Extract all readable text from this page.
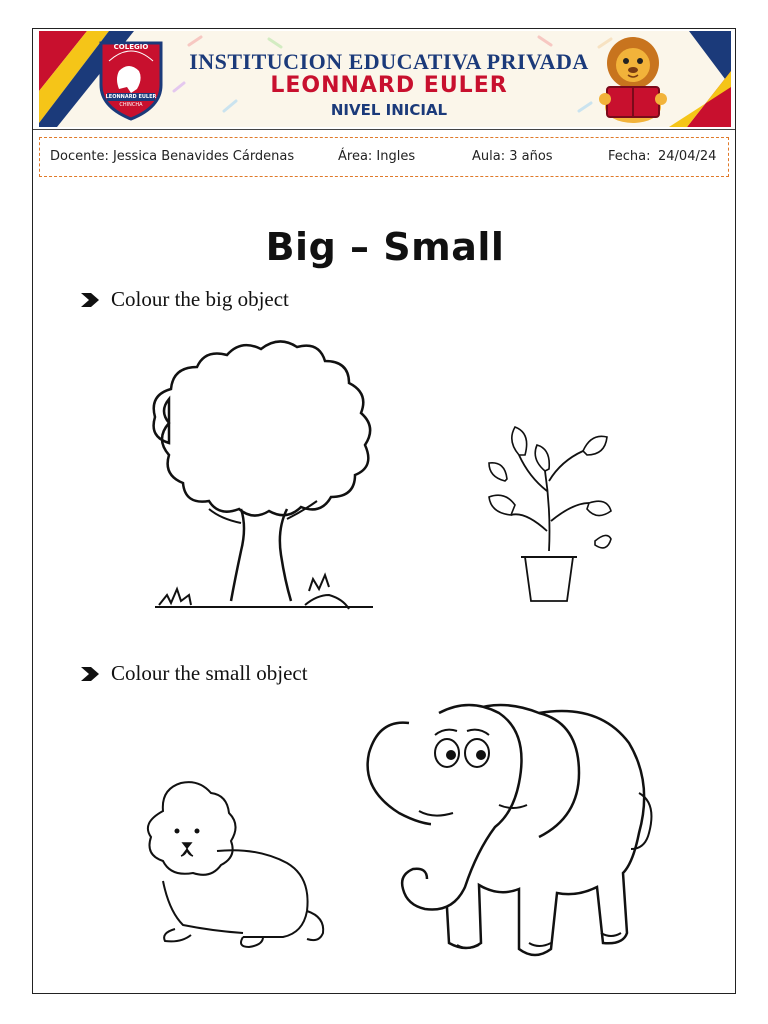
COLEGIO
LEONNARD EULER
CHINCHA
INSTITUCION EDUCATIVA PRIVADA
LEONNARD EULER
NIVEL INICIAL
Docente: Jessica Benavides Cárdenas	Área: Ingles	Aula: 3 años	Fecha: 24/04/24
Big – Small
Colour the big object
Colour the small object
